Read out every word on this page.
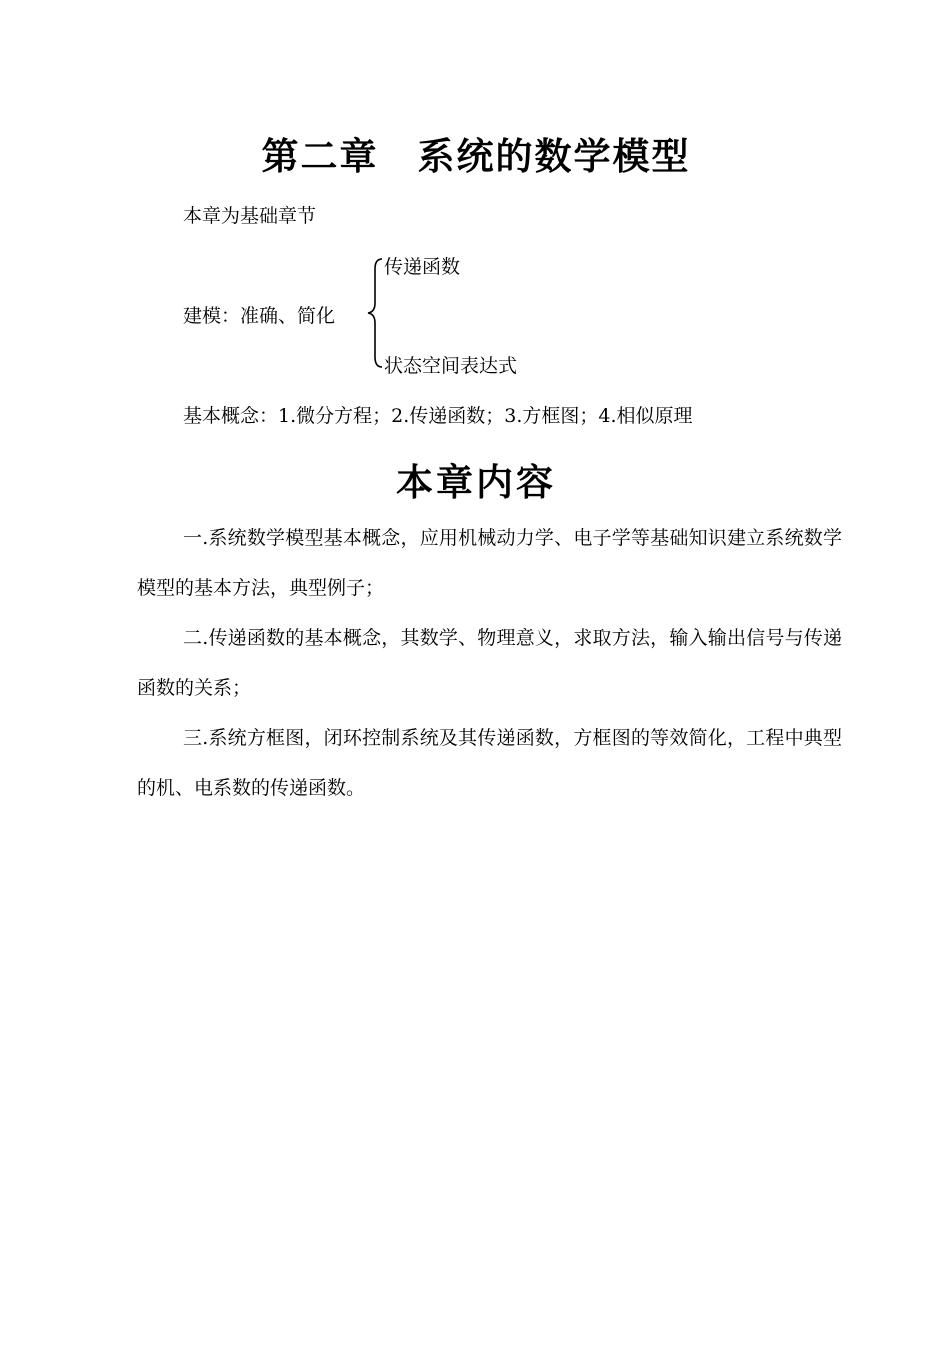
第二章　系统的数学模型

本章为基础章节

建模：准确、简化

传递函数

状态空间表达式

基本概念：1.微分方程；2.传递函数；3.方框图；4.相似原理

本章内容

一.系统数学模型基本概念，应用机械动力学、电子学等基础知识建立系统数学模型的基本方法，典型例子；

二.传递函数的基本概念，其数学、物理意义，求取方法，输入输出信号与传递函数的关系；

三.系统方框图，闭环控制系统及其传递函数，方框图的等效简化，工程中典型的机、电系数的传递函数。
